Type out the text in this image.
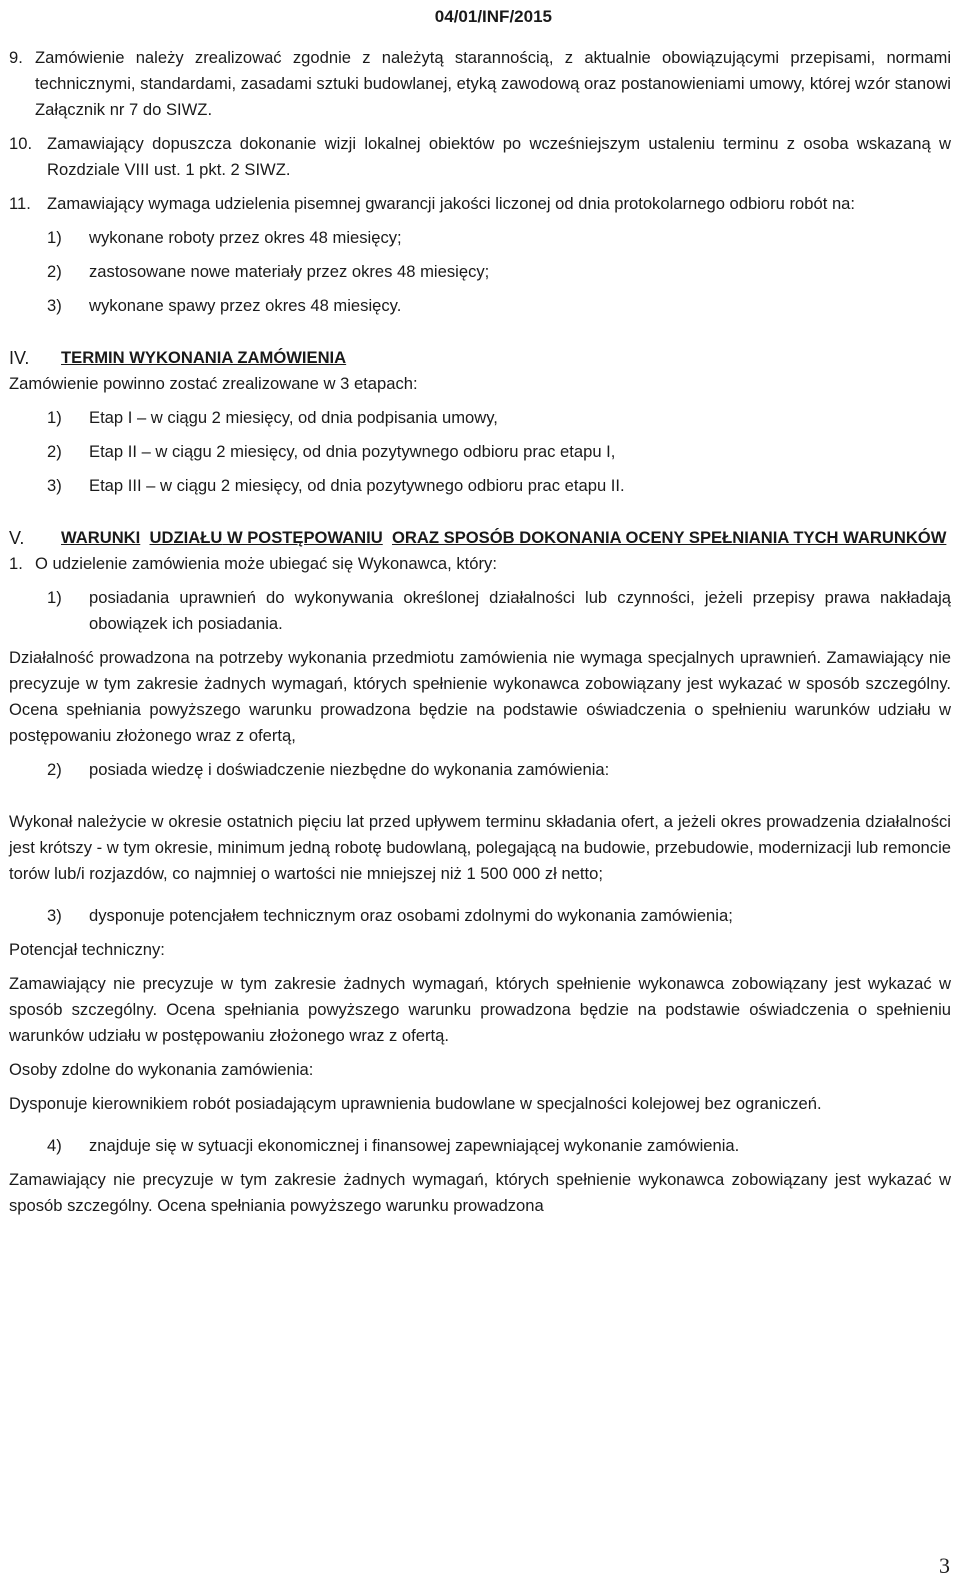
04/01/INF/2015
9. Zamówienie należy zrealizować zgodnie z należytą starannością, z aktualnie obowiązującymi przepisami, normami technicznymi, standardami, zasadami sztuki budowlanej, etyką zawodową oraz postanowieniami umowy, której wzór stanowi Załącznik nr 7 do SIWZ.
10. Zamawiający dopuszcza dokonanie wizji lokalnej obiektów po wcześniejszym ustaleniu terminu z osoba wskazaną w Rozdziale VIII ust. 1 pkt. 2 SIWZ.
11. Zamawiający wymaga udzielenia pisemnej gwarancji jakości liczonej od dnia protokolarnego odbioru robót na:
1)	wykonane roboty przez okres 48 miesięcy;
2)	zastosowane nowe materiały przez okres 48 miesięcy;
3)	wykonane spawy przez okres 48 miesięcy.
IV.	TERMIN WYKONANIA ZAMÓWIENIA
Zamówienie powinno zostać zrealizowane w 3 etapach:
1)	Etap I – w ciągu 2 miesięcy, od dnia podpisania umowy,
2)	Etap II – w ciągu 2 miesięcy, od dnia pozytywnego odbioru prac etapu I,
3)	Etap III – w ciągu 2 miesięcy, od dnia pozytywnego odbioru prac etapu II.
V.	WARUNKI UDZIAŁU W POSTĘPOWANIU ORAZ SPOSÓB DOKONANIA OCENY SPEŁNIANIA TYCH WARUNKÓW
1. O udzielenie zamówienia może ubiegać się Wykonawca, który:
1)	posiadania uprawnień do wykonywania określonej działalności lub czynności, jeżeli przepisy prawa nakładają obowiązek ich posiadania.
Działalność prowadzona na potrzeby wykonania przedmiotu zamówienia nie wymaga specjalnych uprawnień. Zamawiający nie precyzuje w tym zakresie żadnych wymagań, których spełnienie wykonawca zobowiązany jest wykazać w sposób szczególny. Ocena spełniania powyższego warunku prowadzona będzie na podstawie oświadczenia o spełnieniu warunków udziału w postępowaniu złożonego wraz z ofertą,
2)	posiada wiedzę i doświadczenie niezbędne do wykonania zamówienia:
Wykonał należycie w okresie ostatnich pięciu lat przed upływem terminu składania ofert, a jeżeli okres prowadzenia działalności jest krótszy - w tym okresie, minimum jedną robotę budowlaną, polegającą na budowie, przebudowie, modernizacji lub remoncie torów lub/i rozjazdów, co najmniej o wartości nie mniejszej niż 1 500 000 zł netto;
3)	dysponuje potencjałem technicznym oraz osobami zdolnymi do wykonania zamówienia;
Potencjał techniczny:
Zamawiający nie precyzuje w tym zakresie żadnych wymagań, których spełnienie wykonawca zobowiązany jest wykazać w sposób szczególny. Ocena spełniania powyższego warunku prowadzona będzie na podstawie oświadczenia o spełnieniu warunków udziału w postępowaniu złożonego wraz z ofertą.
Osoby zdolne do wykonania zamówienia:
Dysponuje kierownikiem robót posiadającym uprawnienia budowlane w specjalności kolejowej bez ograniczeń.
4)	znajduje się w sytuacji ekonomicznej i finansowej zapewniającej wykonanie zamówienia.
Zamawiający nie precyzuje w tym zakresie żadnych wymagań, których spełnienie wykonawca zobowiązany jest wykazać w sposób szczególny. Ocena spełniania powyższego warunku prowadzona
3
